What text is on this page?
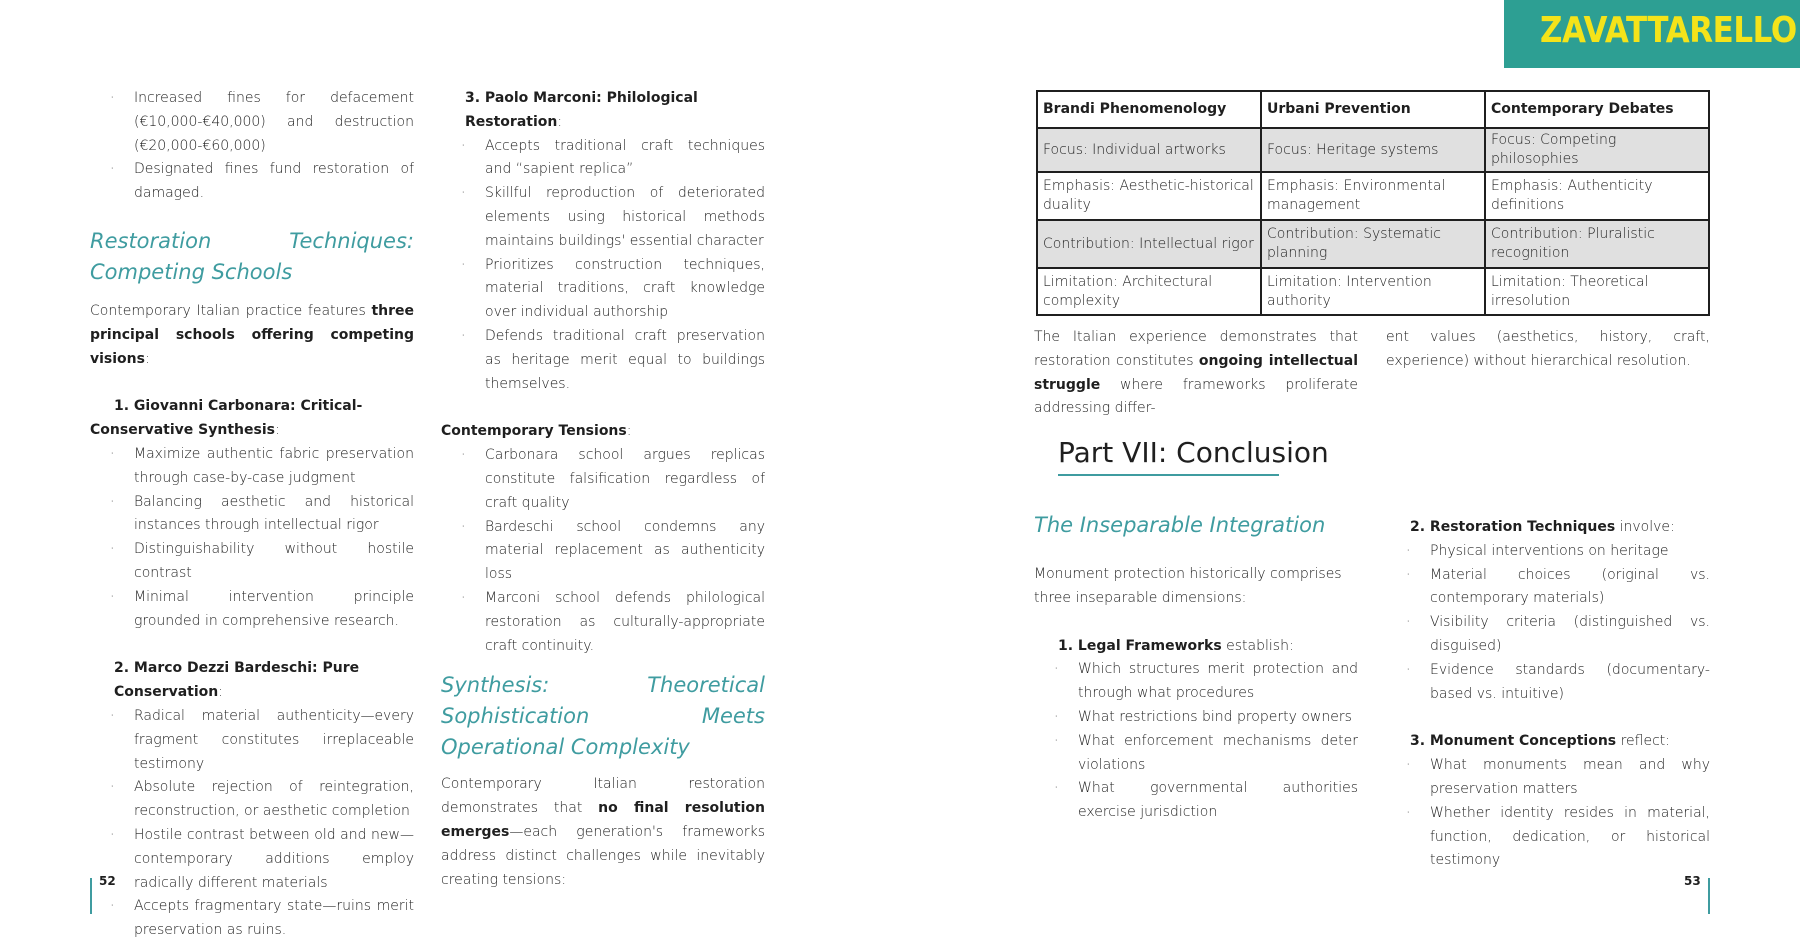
ZAVATTARELLO
·	Increased fines for defacement (€10,000-€40,000) and destruction (€20,000-€60,000)
·	Designated fines fund restoration of damaged.

Restoration Techniques: Competing Schools

Contemporary Italian practice features three principal schools offering competing visions:

1. Giovanni Carbonara: Critical-Conservative Synthesis:

·	Maximize authentic fabric preservation through case-by-case judgment
·	Balancing aesthetic and historical instances through intellectual rigor
·	Distinguishability without hostile contrast
·	Minimal intervention principle grounded in comprehensive research.

2. Marco Dezzi Bardeschi: Pure Conservation:

·	Radical material authenticity—every fragment constitutes irreplaceable testimony
·	Absolute rejection of reintegration, reconstruction, or aesthetic completion
·	Hostile contrast between old and new—contemporary additions employ radically different materials
·	Accepts fragmentary state—ruins merit preservation as ruins.

3. Paolo Marconi: Philological Restoration:

·	Accepts traditional craft techniques and “sapient replica”
·	Skillful reproduction of deteriorated elements using historical methods maintains buildings' essential character
·	Prioritizes construction techniques, material traditions, craft knowledge over individual authorship
·	Defends traditional craft preservation as heritage merit equal to buildings themselves.

Contemporary Tensions:

·	Carbonara school argues replicas constitute falsification regardless of craft quality
·	Bardeschi school condemns any material replacement as authenticity loss
·	Marconi school defends philological restoration as culturally-appropriate craft continuity.

Synthesis: Theoretical Sophistication Meets Operational Complexity

Contemporary Italian restoration demonstrates that no final resolution emerges—each generation's frameworks address distinct challenges while inevitably creating tensions:

Brandi Phenomenology	Urbani Prevention	Contemporary Debates
Focus: Individual artworks	Focus: Heritage systems	Focus: Competing philosophies
Emphasis: Aesthetic-historical duality	Emphasis: Environmental management	Emphasis: Authenticity definitions
Contribution: Intellectual rigor	Contribution: Systematic planning	Contribution: Pluralistic recognition
Limitation: Architectural complexity	Limitation: Intervention authority	Limitation: Theoretical irresolution

The Italian experience demonstrates that restoration constitutes ongoing intellectual struggle where frameworks proliferate addressing differ-

ent values (aesthetics, history, craft, experience) without hierarchical resolution.

Part VII: Conclusion

The Inseparable Integration

Monument protection historically comprises three inseparable dimensions:

1. Legal Frameworks establish:

·	Which structures merit protection and through what procedures
·	What restrictions bind property owners
·	What enforcement mechanisms deter violations
·	What governmental authorities exercise jurisdiction

2. Restoration Techniques involve:

·	Physical interventions on heritage
·	Material choices (original vs. contemporary materials)
·	Visibility criteria (distinguished vs. disguised)
·	Evidence standards (documentary-based vs. intuitive)

3. Monument Conceptions reflect:

·	What monuments mean and why preservation matters
·	Whether identity resides in material, function, dedication, or historical testimony
52	53
